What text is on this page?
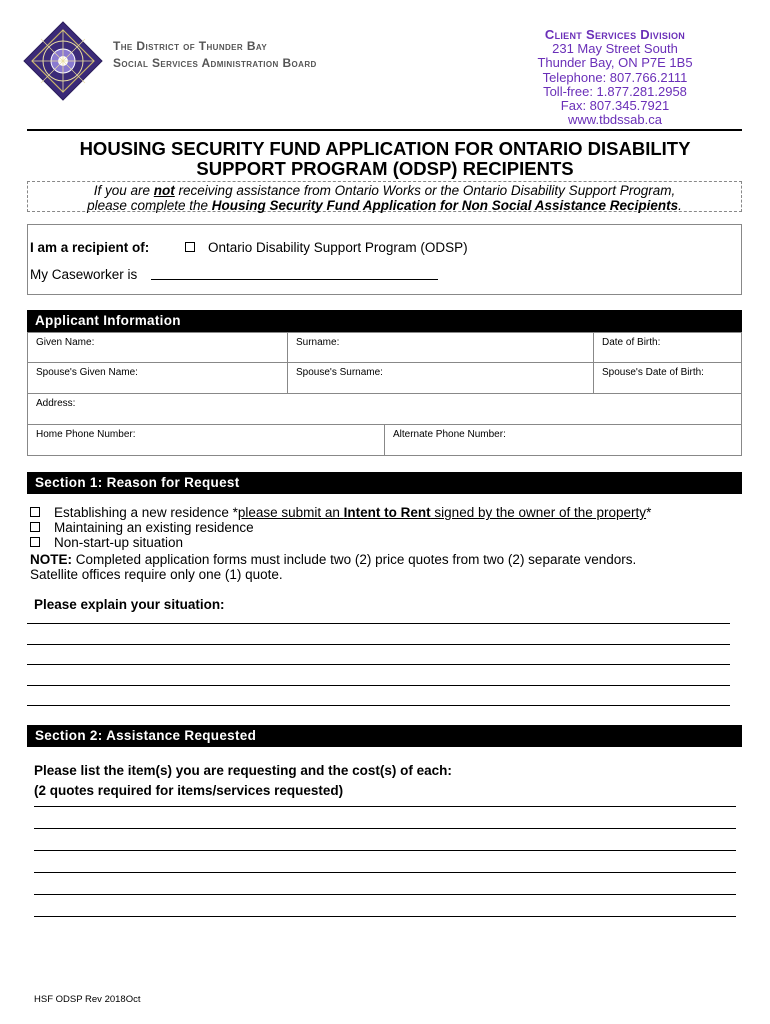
The District of Thunder Bay
Social Services Administration Board
Client Services Division
231 May Street South
Thunder Bay, ON P7E 1B5
Telephone: 807.766.2111
Toll-free: 1.877.281.2958
Fax: 807.345.7921
www.tbdssab.ca
HOUSING SECURITY FUND APPLICATION FOR ONTARIO DISABILITY
SUPPORT PROGRAM (ODSP) RECIPIENTS
If you are not receiving assistance from Ontario Works or the Ontario Disability Support Program,
please complete the Housing Security Fund Application for Non Social Assistance Recipients.
I am a recipient of:	Ontario Disability Support Program (ODSP)
My Caseworker is
Applicant Information
Given Name:	Surname:	Date of Birth:
Spouse's Given Name:	Spouse's Surname:	Spouse's Date of Birth:
Address:
Home Phone Number:	Alternate Phone Number:
Section 1: Reason for Request
Establishing a new residence *please submit an Intent to Rent signed by the owner of the property*
Maintaining an existing residence
Non-start-up situation
NOTE: Completed application forms must include two (2) price quotes from two (2) separate vendors.
Satellite offices require only one (1) quote.
Please explain your situation:
Section 2: Assistance Requested
Please list the item(s) you are requesting and the cost(s) of each:
(2 quotes required for items/services requested)
HSF ODSP Rev 2018Oct
